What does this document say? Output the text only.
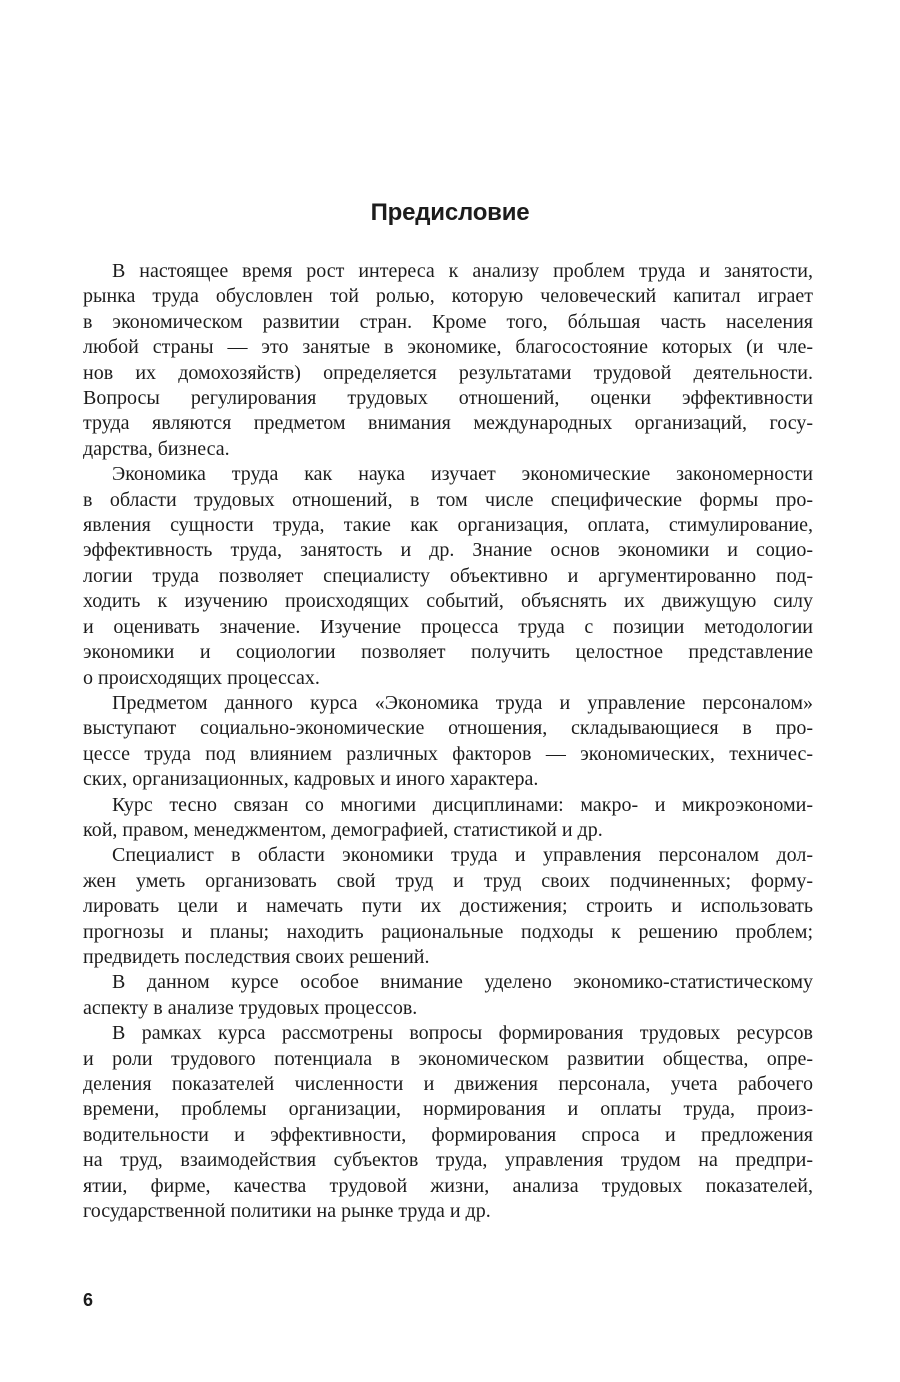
Предисловие
В настоящее время рост интереса к анализу проблем труда и занятости,
рынка труда обусловлен той ролью, которую человеческий капитал играет
в экономическом развитии стран. Кроме того, бóльшая часть населения
любой страны — это занятые в экономике, благосостояние которых (и чле-
нов их домохозяйств) определяется результатами трудовой деятельности.
Вопросы регулирования трудовых отношений, оценки эффективности
труда являются предметом внимания международных организаций, госу-
дарства, бизнеса.
Экономика труда как наука изучает экономические закономерности
в области трудовых отношений, в том числе специфические формы про-
явления сущности труда, такие как организация, оплата, стимулирование,
эффективность труда, занятость и др. Знание основ экономики и социо-
логии труда позволяет специалисту объективно и аргументированно под-
ходить к изучению происходящих событий, объяснять их движущую силу
и оценивать значение. Изучение процесса труда с позиции методологии
экономики и социологии позволяет получить целостное представление
о происходящих процессах.
Предметом данного курса «Экономика труда и управление персоналом»
выступают социально-экономические отношения, складывающиеся в про-
цессе труда под влиянием различных факторов — экономических, техничес-
ских, организационных, кадровых и иного характера.
Курс тесно связан со многими дисциплинами: макро- и микроэкономи-
кой, правом, менеджментом, демографией, статистикой и др.
Специалист в области экономики труда и управления персоналом дол-
жен уметь организовать свой труд и труд своих подчиненных; форму-
лировать цели и намечать пути их достижения; строить и использовать
прогнозы и планы; находить рациональные подходы к решению проблем;
предвидеть последствия своих решений.
В данном курсе особое внимание уделено экономико-статистическому
аспекту в анализе трудовых процессов.
В рамках курса рассмотрены вопросы формирования трудовых ресурсов
и роли трудового потенциала в экономическом развитии общества, опре-
деления показателей численности и движения персонала, учета рабочего
времени, проблемы организации, нормирования и оплаты труда, произ-
водительности и эффективности, формирования спроса и предложения
на труд, взаимодействия субъектов труда, управления трудом на предпри-
ятии, фирме, качества трудовой жизни, анализа трудовых показателей,
государственной политики на рынке труда и др.
6
